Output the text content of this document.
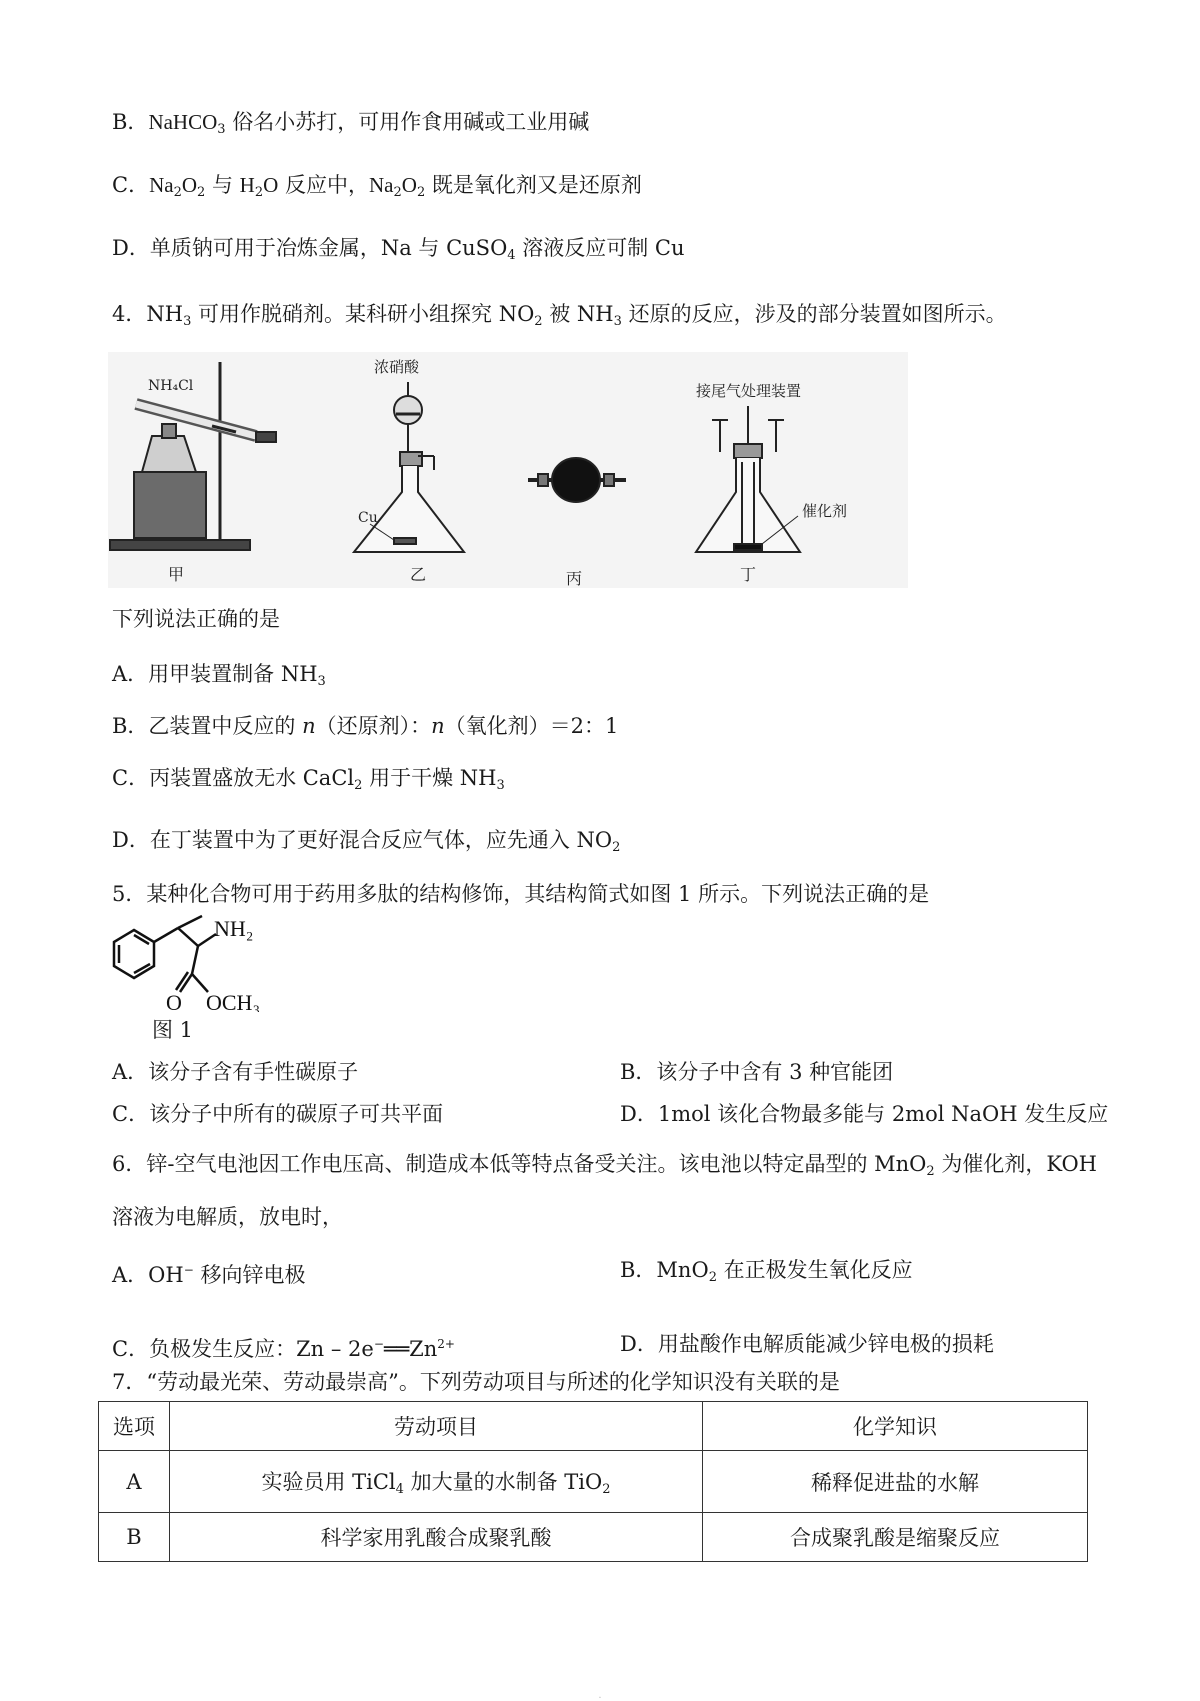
B．NaHCO$_3$ 俗名小苏打，可用作食用碱或工业用碱
C．$Na_2O_2$ 与 $H_2O$ 反应中，$Na_2O_2$ 既是氧化剂又是还原剂
D．单质钠可用于冶炼金属，Na 与 CuSO$_4$ 溶液反应可制 Cu
4．$NH_3$ 可用作脱硝剂。某科研小组探究 $NO_2$ 被 $NH_3$ 还原的反应，涉及的部分装置如图所示。
NH₄Cl
甲
浓硝酸
Cu
乙	丙
接尾气处理装置
催化剂
丁
下列说法正确的是
A．用甲装置制备 $NH_3$
B．乙装置中反应的 n（还原剂）：n（氧化剂）＝2：1
C．丙装置盛放无水 CaCl$_2$ 用于干燥 $NH_3$
D．在丁装置中为了更好混合反应气体，应先通入 $NO_2$
5．某种化合物可用于药用多肽的结构修饰，其结构简式如图 1 所示。下列说法正确的是
NH₂
O OCH₃
图 1
A．该分子含有手性碳原子	B．该分子中含有 3 种官能团
C．该分子中所有的碳原子可共平面	D．1mol 该化合物最多能与 2mol NaOH 发生反应
6．锌-空气电池因工作电压高、制造成本低等特点备受关注。该电池以特定晶型的 MnO$_2$ 为催化剂，KOH
溶液为电解质，放电时，
A．OH− 移向锌电极	B．MnO$_2$ 在正极发生氧化反应
C．负极发生反应：Zn – $2e^-══Zn^{2+}$	D．用盐酸作电解质能减少锌电极的损耗
7．“劳动最光荣、劳动最崇高”。下列劳动项目与所述的化学知识没有关联的是
选项	劳动项目	化学知识
A	实验员用 TiCl$_4$ 加大量的水制备 TiO$_2$	稀释促进盐的水解
B	科学家用乳酸合成聚乳酸	合成聚乳酸是缩聚反应
.
